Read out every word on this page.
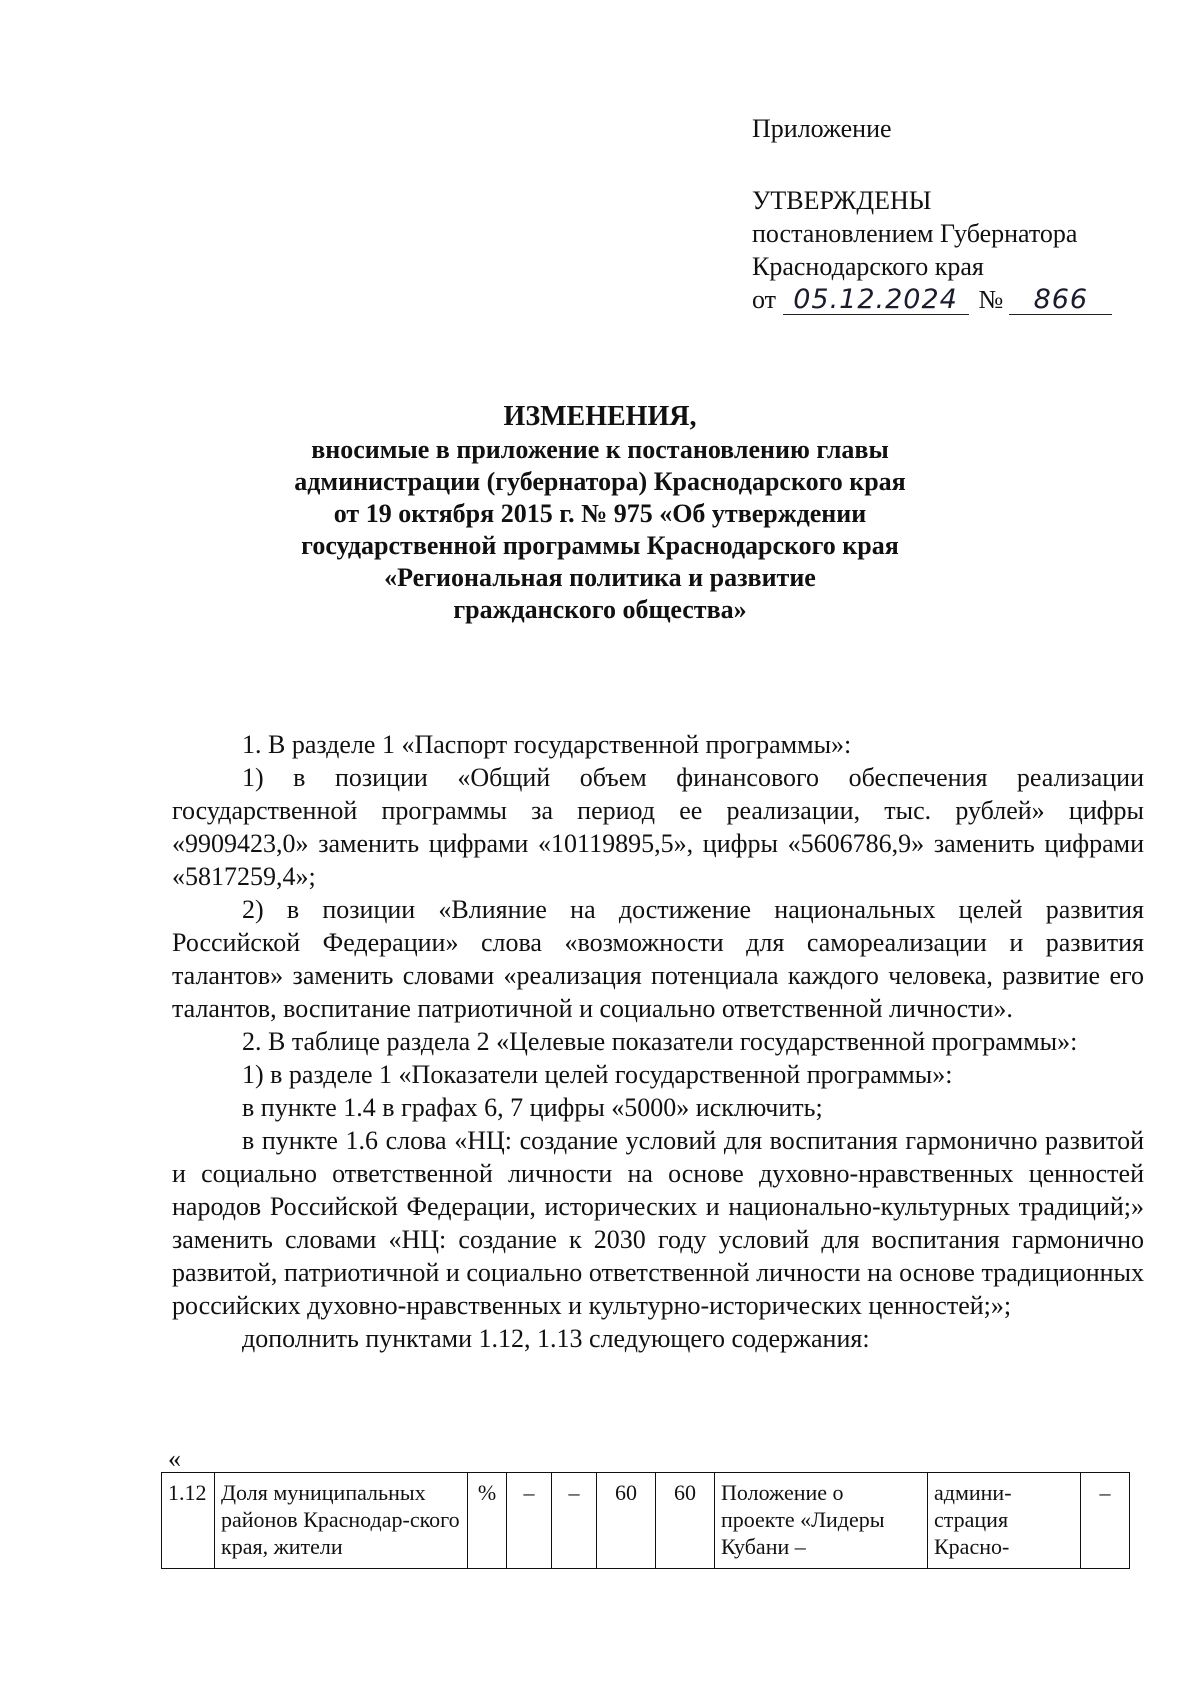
Приложение
УТВЕРЖДЕНЫ
постановлением Губернатора
Краснодарского края
от 05.12.2024 № 866
ИЗМЕНЕНИЯ,
вносимые в приложение к постановлению главы
администрации (губернатора) Краснодарского края
от 19 октября 2015 г. № 975 «Об утверждении
государственной программы Краснодарского края
«Региональная политика и развитие
гражданского общества»

1. В разделе 1 «Паспорт государственной программы»:

1) в позиции «Общий объем финансового обеспечения реализации государственной программы за период ее реализации, тыс. рублей» цифры «9909423,0» заменить цифрами «10119895,5», цифры «5606786,9» заменить цифрами «5817259,4»;

2) в позиции «Влияние на достижение национальных целей развития Российской Федерации» слова «возможности для самореализации и развития талантов» заменить словами «реализация потенциала каждого человека, развитие его талантов, воспитание патриотичной и социально ответственной личности».

2. В таблице раздела 2 «Целевые показатели государственной программы»:

1) в разделе 1 «Показатели целей государственной программы»:

в пункте 1.4 в графах 6, 7 цифры «5000» исключить;

в пункте 1.6 слова «НЦ: создание условий для воспитания гармонично развитой и социально ответственной личности на основе духовно-нравственных ценностей народов Российской Федерации, исторических и национально-культурных традиций;» заменить словами «НЦ: создание к 2030 году условий для воспитания гармонично развитой, патриотичной и социально ответственной личности на основе традиционных российских духовно-нравственных и культурно-исторических ценностей;»;

дополнить пунктами 1.12, 1.13 следующего содержания:

«
1.12	Доля муниципальных районов Краснодар-ского края, жители	%	–	–	60	60	Положение о проекте «Лидеры Кубани –	админи-страция Красно-	–
